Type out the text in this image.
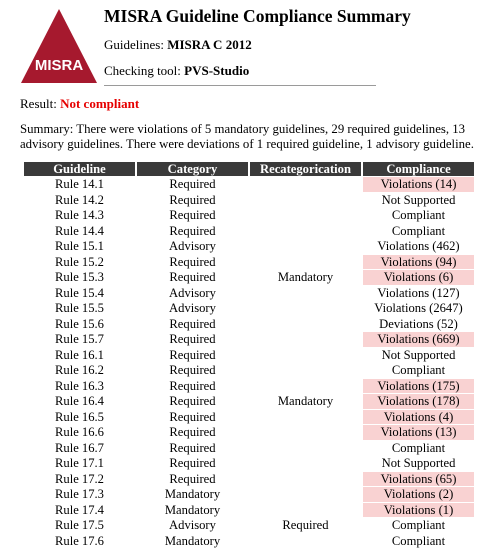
MISRA
MISRA Guideline Compliance Summary
Guidelines: MISRA C 2012
Checking tool: PVS-Studio
Result: Not compliant
Summary: There were violations of 5 mandatory guidelines, 29 required guidelines, 13 advisory guidelines. There were deviations of 1 required guideline, 1 advisory guideline.
Guideline	Category	Recategorication	Compliance
Rule 14.1	Required		Violations (14)
Rule 14.2	Required		Not Supported
Rule 14.3	Required		Compliant
Rule 14.4	Required		Compliant
Rule 15.1	Advisory		Violations (462)
Rule 15.2	Required		Violations (94)
Rule 15.3	Required	Mandatory	Violations (6)
Rule 15.4	Advisory		Violations (127)
Rule 15.5	Advisory		Violations (2647)
Rule 15.6	Required		Deviations (52)
Rule 15.7	Required		Violations (669)
Rule 16.1	Required		Not Supported
Rule 16.2	Required		Compliant
Rule 16.3	Required		Violations (175)
Rule 16.4	Required	Mandatory	Violations (178)
Rule 16.5	Required		Violations (4)
Rule 16.6	Required		Violations (13)
Rule 16.7	Required		Compliant
Rule 17.1	Required		Not Supported
Rule 17.2	Required		Violations (65)
Rule 17.3	Mandatory		Violations (2)
Rule 17.4	Mandatory		Violations (1)
Rule 17.5	Advisory	Required	Compliant
Rule 17.6	Mandatory		Compliant
